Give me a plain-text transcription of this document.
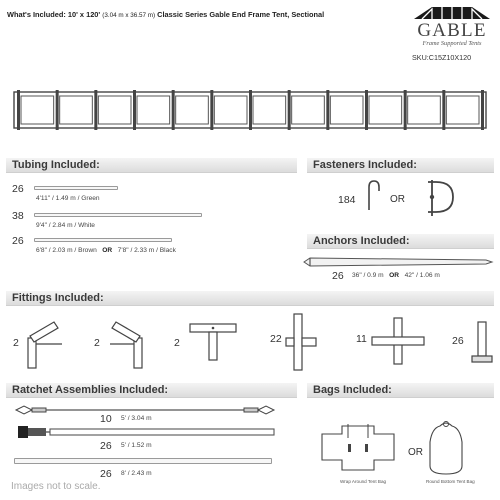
What's Included: 10' x 120' (3.04 m x 36.57 m) Classic Series Gable End Frame Tent, Sectional
GABLE
Frame Supported Tents
SKU:C15Z10X120
Tubing Included:
26
4'11" / 1.49 m / Green
38
9'4" / 2.84 m / White
26
6'8" / 2.03 m / Brown OR 7'8" / 2.33 m / Black
Fasteners Included:
184	OR
Anchors Included:
26 36" / 0.9 m OR 42" / 1.06 m
Fittings Included:
2	2	2	22	11	26
Ratchet Assemblies Included:
10 5' / 3.04 m
26 5' / 1.52 m
26 8' / 2.43 m
Bags Included:
Wrap Around Tent Bag
OR
Round Bottom Tent Bag
Images not to scale.
